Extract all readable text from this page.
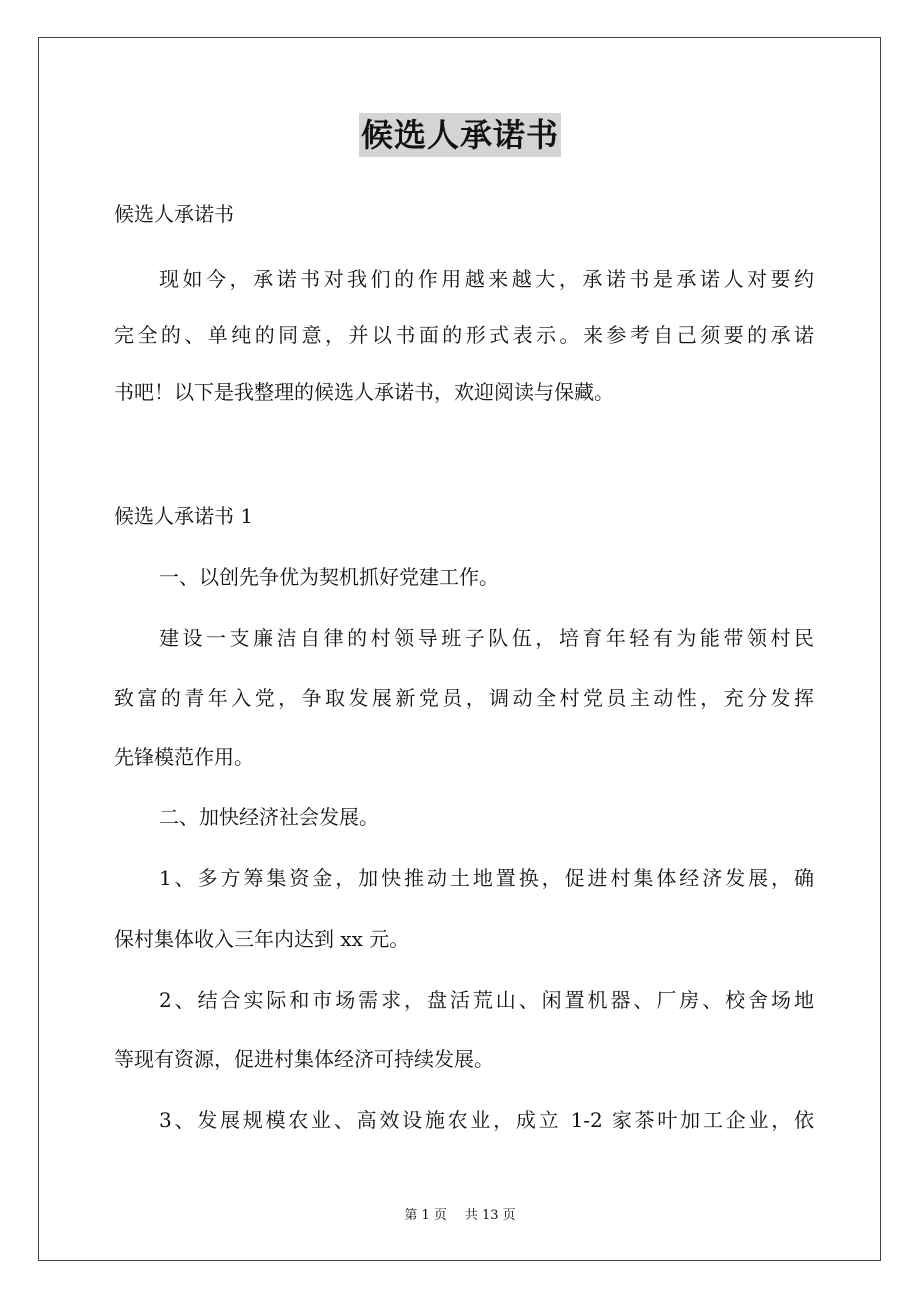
候选人承诺书

候选人承诺书

现如今，承诺书对我们的作用越来越大，承诺书是承诺人对要约

完全的、单纯的同意，并以书面的形式表示。来参考自己须要的承诺

书吧！以下是我整理的候选人承诺书，欢迎阅读与保藏。

候选人承诺书 1

一、以创先争优为契机抓好党建工作。

建设一支廉洁自律的村领导班子队伍，培育年轻有为能带领村民

致富的青年入党，争取发展新党员，调动全村党员主动性，充分发挥

先锋模范作用。

二、加快经济社会发展。

1、多方筹集资金，加快推动土地置换，促进村集体经济发展，确

保村集体收入三年内达到 xx 元。

2、结合实际和市场需求，盘活荒山、闲置机器、厂房、校舍场地

等现有资源，促进村集体经济可持续发展。

3、发展规模农业、高效设施农业，成立 1-2 家茶叶加工企业，依

第 1 页 共 13 页
